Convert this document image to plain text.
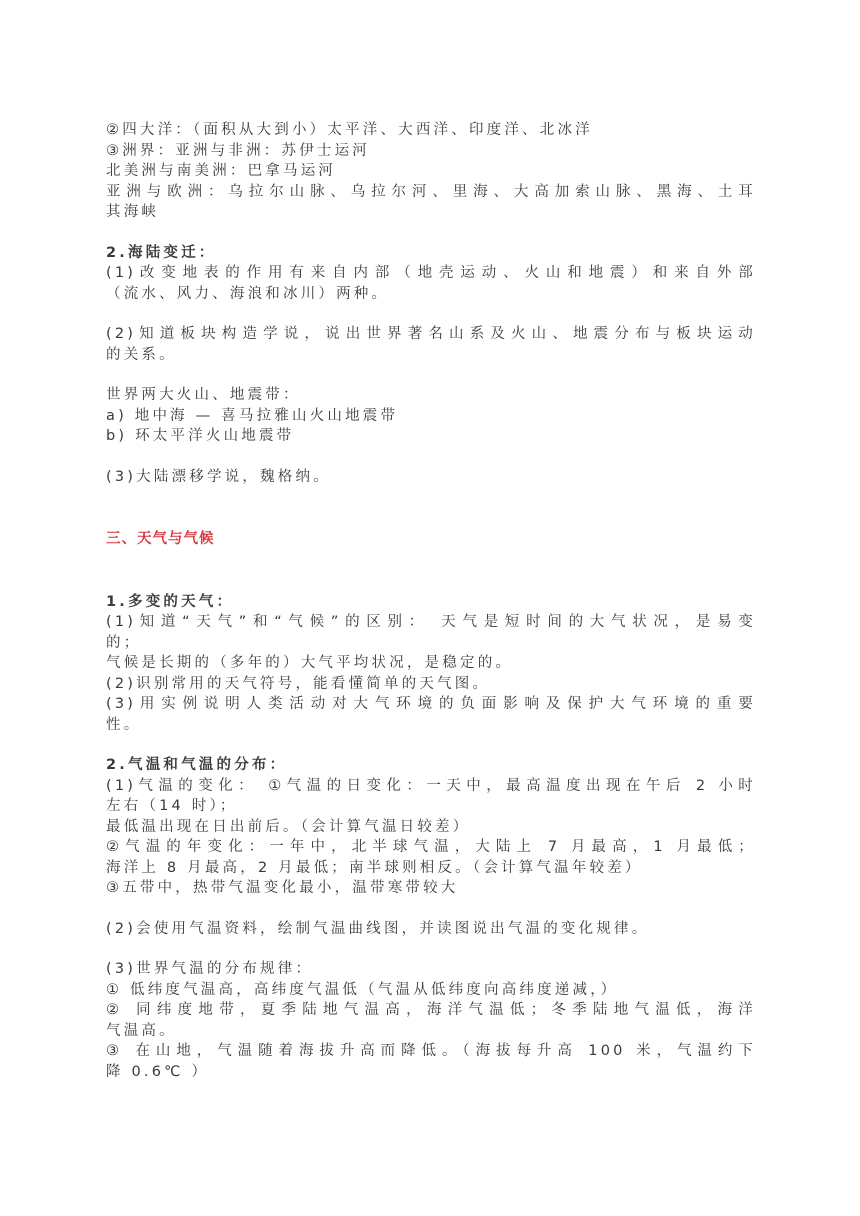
②四大洋：（面积从大到小）太平洋、大西洋、印度洋、北冰洋
③洲界：亚洲与非洲：苏伊士运河
北美洲与南美洲：巴拿马运河
亚洲与欧洲：乌拉尔山脉、乌拉尔河、里海、大高加索山脉、黑海、土耳
其海峡
2.海陆变迁：
(1)改变地表的作用有来自内部（地壳运动、火山和地震）和来自外部
（流水、风力、海浪和冰川）两种。
(2)知道板块构造学说，说出世界著名山系及火山、地震分布与板块运动
的关系。
世界两大火山、地震带：
a) 地中海 — 喜马拉雅山火山地震带
b) 环太平洋火山地震带
(3)大陆漂移学说，魏格纳。
三、天气与气候
1.多变的天气：
(1)知道“天气”和“气候”的区别： 天气是短时间的大气状况，是易变
的；
气候是长期的（多年的）大气平均状况，是稳定的。
(2)识别常用的天气符号，能看懂简单的天气图。
(3)用实例说明人类活动对大气环境的负面影响及保护大气环境的重要
性。
2.气温和气温的分布：
(1)气温的变化： ①气温的日变化：一天中，最高温度出现在午后 2 小时
左右（14 时）；
最低温出现在日出前后。（会计算气温日较差）
②气温的年变化：一年中，北半球气温，大陆上 7 月最高，1 月最低；
海洋上 8 月最高，2 月最低；南半球则相反。（会计算气温年较差）
③五带中，热带气温变化最小，温带寒带较大
(2)会使用气温资料，绘制气温曲线图，并读图说出气温的变化规律。
(3)世界气温的分布规律：
① 低纬度气温高，高纬度气温低（气温从低纬度向高纬度递减，）
② 同纬度地带，夏季陆地气温高，海洋气温低；冬季陆地气温低，海洋
气温高。
③ 在山地，气温随着海拔升高而降低。（海拔每升高 100 米，气温约下
降 0.6℃ ）
